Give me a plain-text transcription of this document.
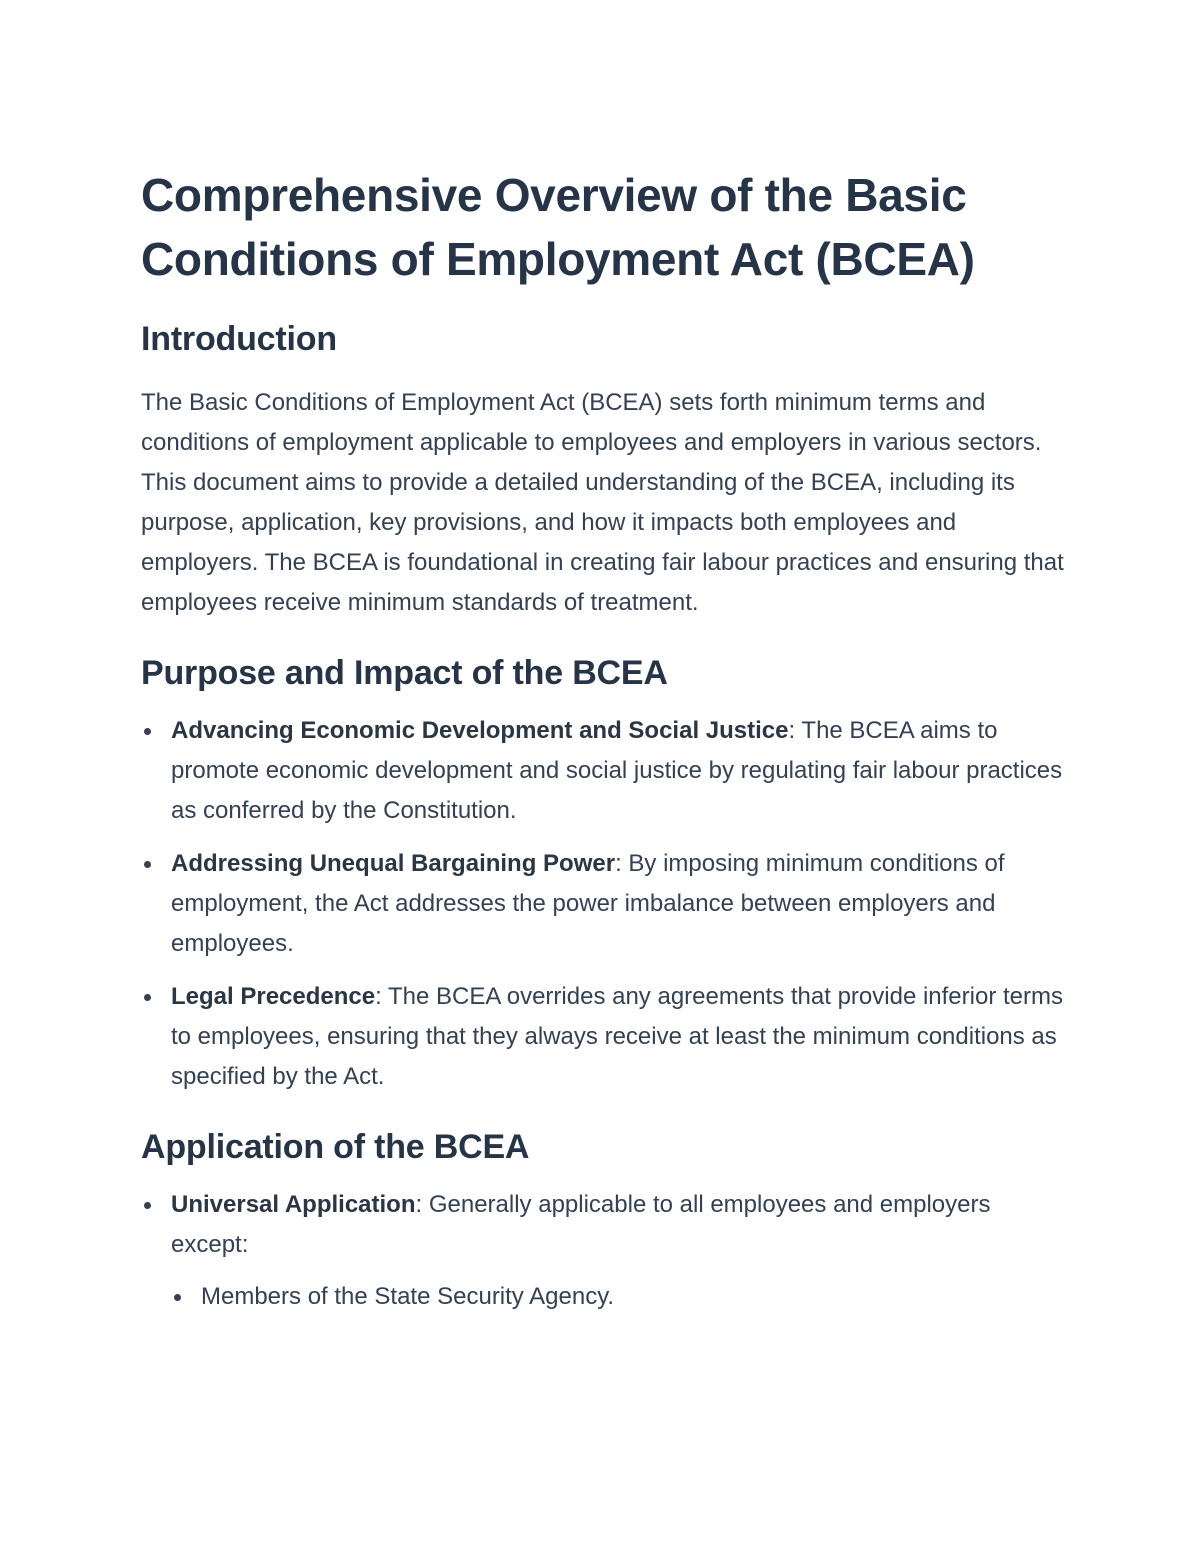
Comprehensive Overview of the Basic Conditions of Employment Act (BCEA)
Introduction

The Basic Conditions of Employment Act (BCEA) sets forth minimum terms and conditions of employment applicable to employees and employers in various sectors. This document aims to provide a detailed understanding of the BCEA, including its purpose, application, key provisions, and how it impacts both employees and employers. The BCEA is foundational in creating fair labour practices and ensuring that employees receive minimum standards of treatment.

Purpose and Impact of the BCEA
Advancing Economic Development and Social Justice: The BCEA aims to promote economic development and social justice by regulating fair labour practices as conferred by the Constitution.
Addressing Unequal Bargaining Power: By imposing minimum conditions of employment, the Act addresses the power imbalance between employers and employees.
Legal Precedence: The BCEA overrides any agreements that provide inferior terms to employees, ensuring that they always receive at least the minimum conditions as specified by the Act.
Application of the BCEA
Universal Application: Generally applicable to all employees and employers except:
Members of the State Security Agency.
